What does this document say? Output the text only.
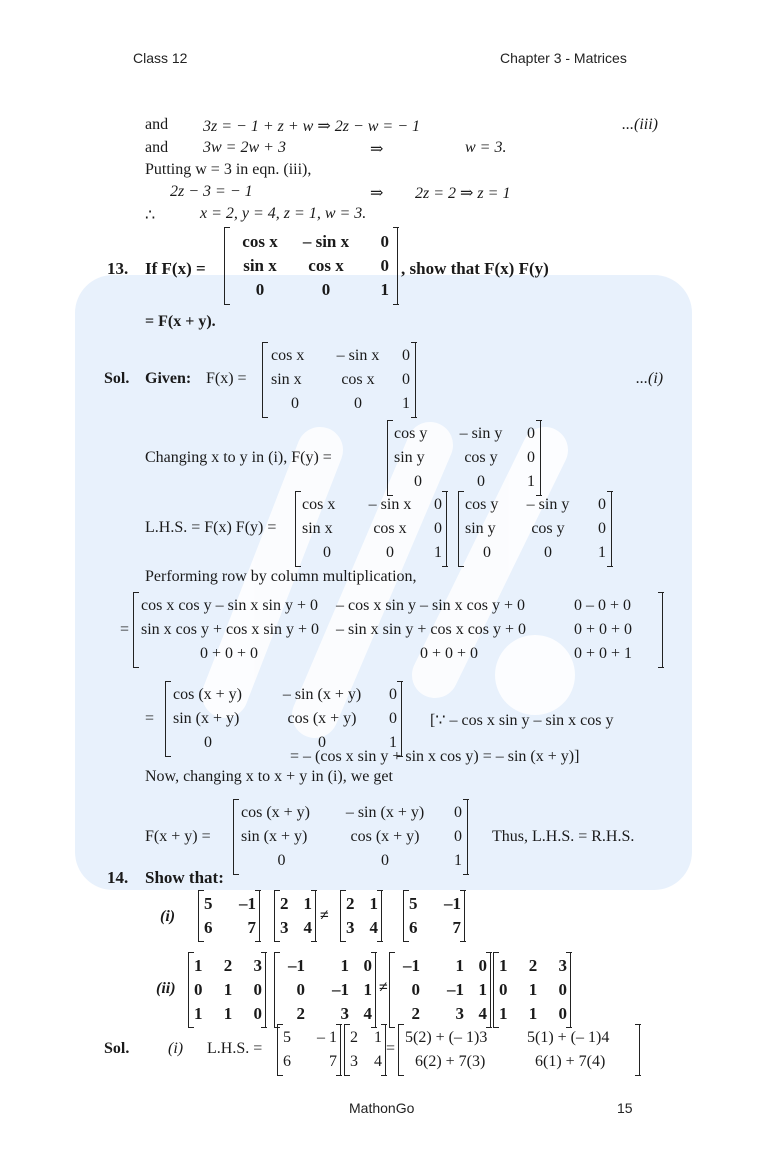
Class 12	Chapter 3 - Matrices
and 3z = − 1 + z + w ⇒ 2z − w = − 1	...(iii)
and 3w = 2w + 3	⇒	w = 3.
Putting w = 3 in eqn. (iii),
2z − 3 = − 1	⇒ 2z = 2 ⇒ z = 1
∴	x = 2, y = 4, z = 1, w = 3.
13. If F(x) =
cos x	– sin x	0
sin x	cos x	0
0	0	1
, show that F(x) F(y)
= F(x + y).
Sol. Given: F(x) =
cos x	– sin x	0
sin x	cos x	0
0	0	1
...(i)
Changing x to y in (i), F(y) =
cos y	– sin y	0
sin y	cos y	0
0	0	1
L.H.S. = F(x) F(y) =
cos x	– sin x	0
sin x	cos x	0
0	0	1
cos y	– sin y	0
sin y	cos y	0
0	0	1
Performing row by column multiplication,
=
cos x cos y – sin x sin y + 0	– cos x sin y – sin x cos y + 0	0 – 0 + 0
sin x cos y + cos x sin y + 0	– sin x sin y + cos x cos y + 0	0 + 0 + 0
0 + 0 + 0	0 + 0 + 0	0 + 0 + 1
=
cos (x + y)	– sin (x + y)	0
sin (x + y)	cos (x + y)	0
0	0	1
[∵ – cos x sin y – sin x cos y
= – (cos x sin y + sin x cos y) = – sin (x + y)]
Now, changing x to x + y in (i), we get
F(x + y) =
cos (x + y)	– sin (x + y)	0
sin (x + y)	cos (x + y)	0
0	0	1
Thus, L.H.S. = R.H.S.
14. Show that:
(i)
5	–1
6	7
2 1
3 4
≠
2 1
3 4
5	–1
6	7
(ii)
1	2	3
0	1	0
1	1	0
–1	1 0
0	–1 1
2	3 4
≠
–1	1 0
0	–1 1
2	3 4
1	2	3
0	1	0
1	1	0
Sol. (i) L.H.S. =
5	– 1
6	7
2	1
3	4
=
5(2) + (– 1)3	5(1) + (– 1)4
6(2) + 7(3)	6(1) + 7(4)
MathonGo	15
